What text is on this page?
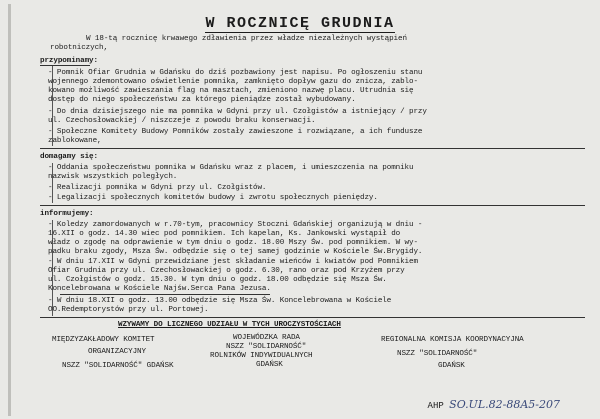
W ROCZNICĘ GRUDNIA
W 18-tą rocznicę krwawego zdławienia przez władze niezależnych wystąpień
robotniczych,
przypominamy:
- Pomnik Ofiar Grudnia w Gdańsku do dziś pozbawiony jest napisu. Po ogłoszeniu stanu
wojennego zdemontowano oświetlenie pomnika, zamknięto dopływ gazu do znicza, zablo-
kowano możliwość zawieszania flag na masztach, zmieniono nazwę placu. Utrudnia się
dostęp do niego społeczeństwu za którego pieniądze został wybudowany.
- Do dnia dzisiejszego nie ma pomnika w Gdyni przy ul. Czołgistów a istniejący / przy
ul. Czechosłowackiej / niszczeje z powodu braku konserwacji.
- Społeczne Komitety Budowy Pomników zostały zawieszone i rozwiązane, a ich fundusze
zablokowane,
domagamy się:
- Oddania społeczeństwu pomnika w Gdańsku wraz z placem, i umieszczenia na pomniku
nazwisk wszystkich poległych.
- Realizacji pomnika w Gdyni przy ul. Czołgistów.
- Legalizacji społecznych komitetów budowy i zwrotu społecznych pieniędzy.
informujemy:
- Koledzy zamordowanych w r.70-tym, pracownicy Stoczni Gdańskiej organizują w dniu -
16.XII o godz. 14.30 wiec pod pomnikiem. Ich kapelan, Ks. Jankowski wystąpił do
władz o zgodę na odprawienie w tym dniu o godz. 18.00 Mszy Św. pod pomnikiem. W wy-
padku braku zgody, Msza Św. odbędzie się o tej samej godzinie w Kościele Św.Brygidy.
- W dniu 17.XII w Gdyni przewidziane jest składanie wieńców i kwiatów pod Pomnikiem
Ofiar Grudnia przy ul. Czechosłowackiej o godz. 6.30, rano oraz pod Krzyżem przy
ul. Czołgistów o godz. 15.30. W tym dniu o godz. 18.00 odbędzie się Msza Św.
Koncelebrowana w Kościele Najśw.Serca Pana Jezusa.
- W dniu 18.XII o godz. 13.00 odbędzie się Msza Św. Koncelebrowana w Kościele
OO.Redemptorystów przy ul. Portowej.
WZYWAMY DO LICZNEGO UDZIAŁU W TYCH UROCZYSTOŚCIACH
MIĘDZYZAKŁADOWY KOMITET
ORGANIZACYJNY
NSZZ "SOLIDARNOŚĆ" GDAŃSK
WOJEWÓDZKA RADA
NSZZ "SOLIDARNOŚĆ"
ROLNIKÓW INDYWIDUALNYCH
GDAŃSK
REGIONALNA KOMISJA KOORDYNACYJNA
NSZZ "SOLIDARNOŚĆ"
GDAŃSK
AHP SO.UL.82-88A5-207
